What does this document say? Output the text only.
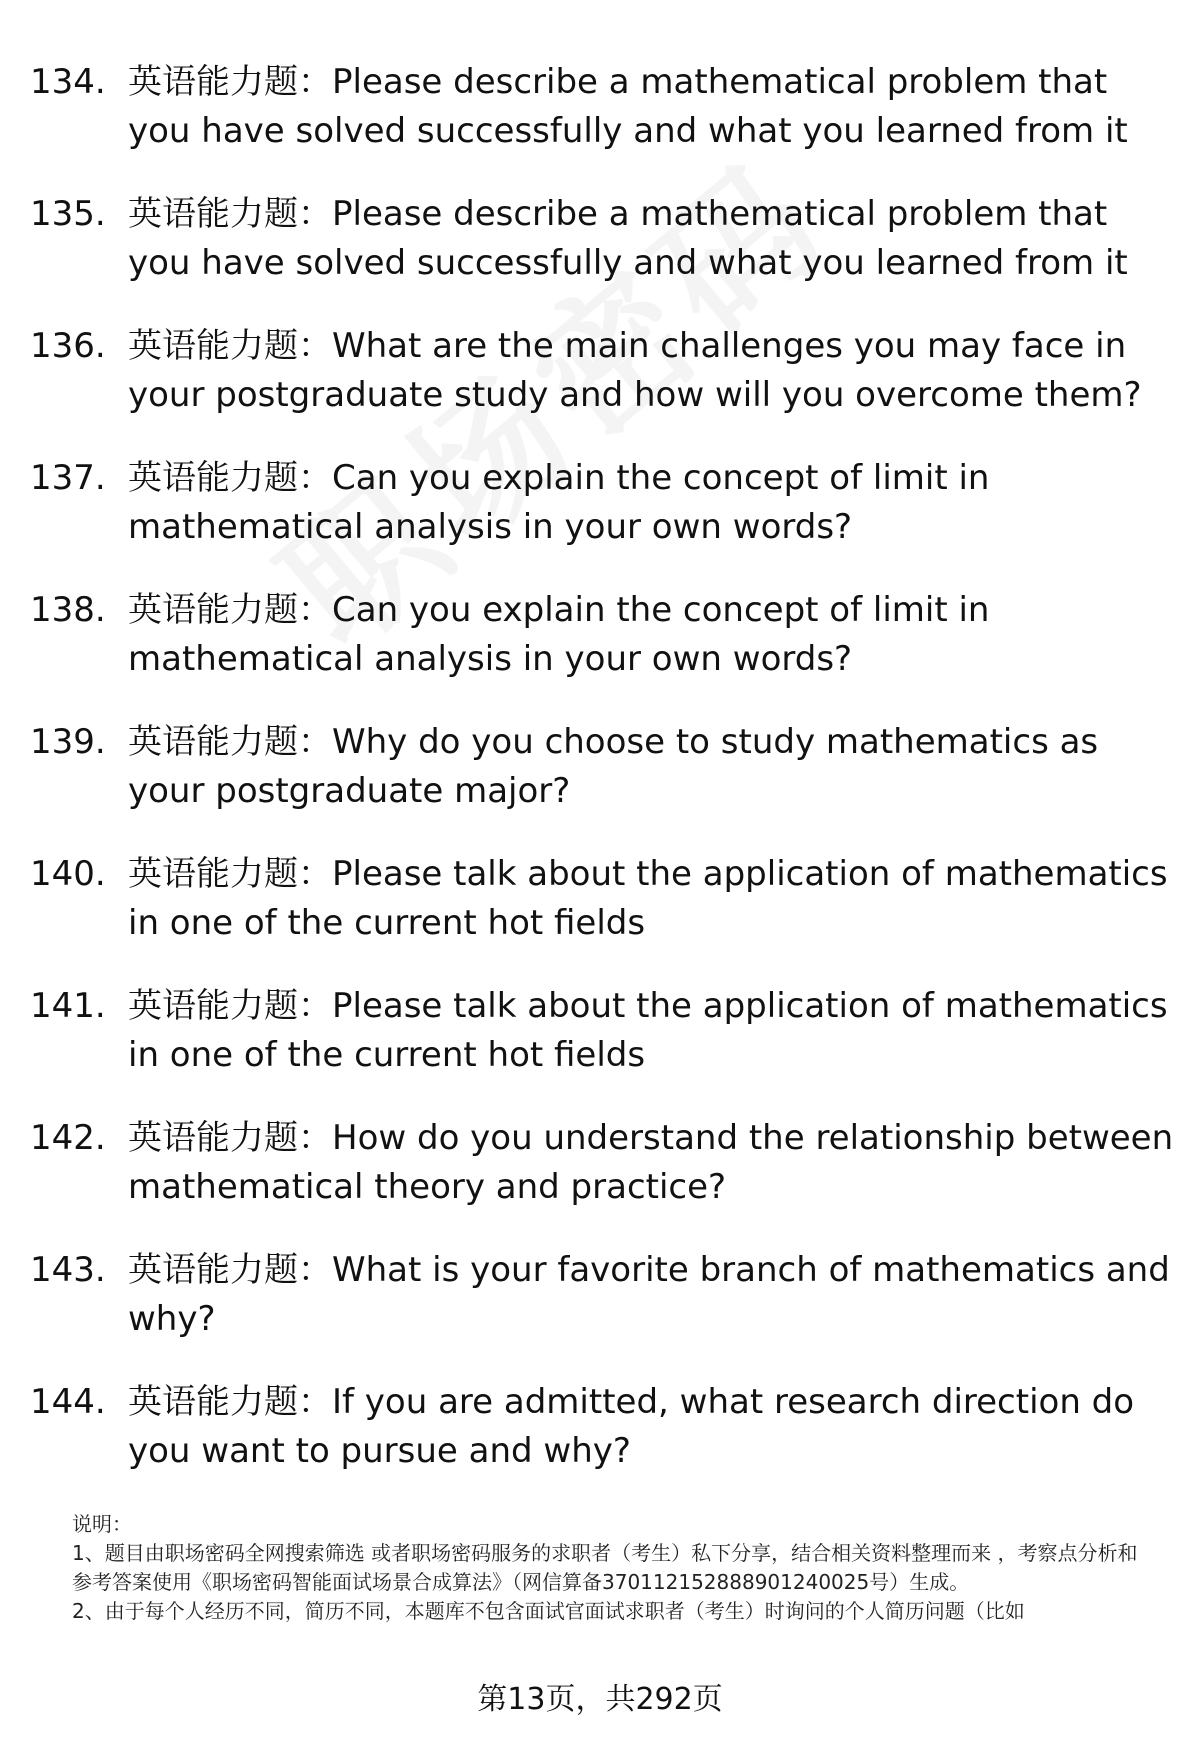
134. 英语能力题：Please describe a mathematical problem that you have solved successfully and what you learned from it
135. 英语能力题：Please describe a mathematical problem that you have solved successfully and what you learned from it
136. 英语能力题：What are the main challenges you may face in your postgraduate study and how will you overcome them?
137. 英语能力题：Can you explain the concept of limit in mathematical analysis in your own words?
138. 英语能力题：Can you explain the concept of limit in mathematical analysis in your own words?
139. 英语能力题：Why do you choose to study mathematics as your postgraduate major?
140. 英语能力题：Please talk about the application of mathematics in one of the current hot fields
141. 英语能力题：Please talk about the application of mathematics in one of the current hot fields
142. 英语能力题：How do you understand the relationship between mathematical theory and practice?
143. 英语能力题：What is your favorite branch of mathematics and why?
144. 英语能力题：If you are admitted, what research direction do you want to pursue and why?

说明：

1、题目由职场密码全网搜索筛选 或者职场密码服务的求职者（考生）私下分享，结合相关资料整理而来 ，考察点分析和参考答案使用《职场密码智能面试场景合成算法》（网信算备370112152888901240025号）生成。

2、由于每个人经历不同，简历不同，本题库不包含面试官面试求职者（考生）时询问的个人简历问题（比如

第13页，共292页
